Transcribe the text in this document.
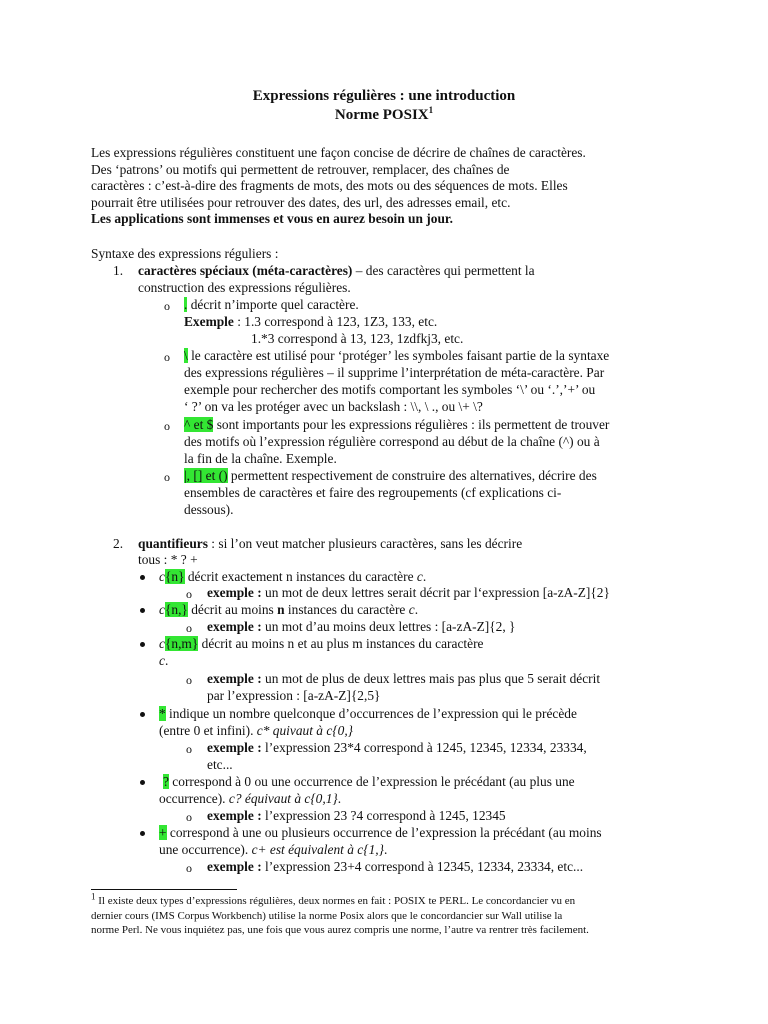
Expressions régulières : une introduction
Norme POSIX$^1$
Les expressions régulières constituent une façon concise de décrire de chaînes de caractères.
Des ‘patrons’ ou motifs qui permettent de retrouver, remplacer, des chaînes de
caractères : c’est-à-dire des fragments de mots, des mots ou des séquences de mots. Elles
pourrait être utilisées pour retrouver des dates, des url, des adresses email, etc.
Les applications sont immenses et vous en aurez besoin un jour.
Syntaxe des expressions réguliers :
1. caractères spéciaux (méta-caractères) – des caractères qui permettent la
construction des expressions régulières.
o . décrit n’importe quel caractère.
Exemple : 1.3 correspond à 123, 1Z3, 133, etc.
1.*3 correspond à 13, 123, 1zdfkj3, etc.
o \ le caractère est utilisé pour ‘protéger’ les symboles faisant partie de la syntaxe
des expressions régulières – il supprime l’interprétation de méta-caractère. Par
exemple pour rechercher des motifs comportant les symboles ‘\’ ou ‘.’,’+’ ou
‘ ?’ on va les protéger avec un backslash : \\, \ ., ou \+ \?
o ^ et $ sont importants pour les expressions régulières : ils permettent de trouver
des motifs où l’expression régulière correspond au début de la chaîne (^) ou à
la fin de la chaîne. Exemple.
o |, [] et () permettent respectivement de construire des alternatives, décrire des
ensembles de caractères et faire des regroupements (cf explications ci-
dessous).
2. quantifieurs : si l’on veut matcher plusieurs caractères, sans les décrire
tous : * ? +
c{n} décrit exactement n instances du caractère c.
o exemple : un mot de deux lettres serait décrit par l‘expression [a-zA-Z]{2}
c{n,} décrit au moins n instances du caractère c.
o exemple : un mot d’au moins deux lettres : [a-zA-Z]{2, }
c{n,m} décrit au moins n et au plus m instances du caractère
c.
o exemple : un mot de plus de deux lettres mais pas plus que 5 serait décrit
par l’expression : [a-zA-Z]{2,5}
* indique un nombre quelconque d’occurrences de l’expression qui le précède
(entre 0 et infini). c* quivaut à c{0,}
o exemple : l’expression 23*4 correspond à 1245, 12345, 12334, 23334,
etc...
? correspond à 0 ou une occurrence de l’expression le précédant (au plus une
occurrence). c? équivaut à c{0,1}.
o exemple : l’expression 23 ?4 correspond à 1245, 12345
+ correspond à une ou plusieurs occurrence de l’expression la précédant (au moins
une occurrence). c+ est équivalent à c{1,}.
o exemple : l’expression 23+4 correspond à 12345, 12334, 23334, etc...
$^1$ Il existe deux types d’expressions régulières, deux normes en fait : POSIX te PERL. Le concordancier vu en
dernier cours (IMS Corpus Workbench) utilise la norme Posix alors que le concordancier sur Wall utilise la
norme Perl. Ne vous inquiétez pas, une fois que vous aurez compris une norme, l’autre va rentrer très facilement.
